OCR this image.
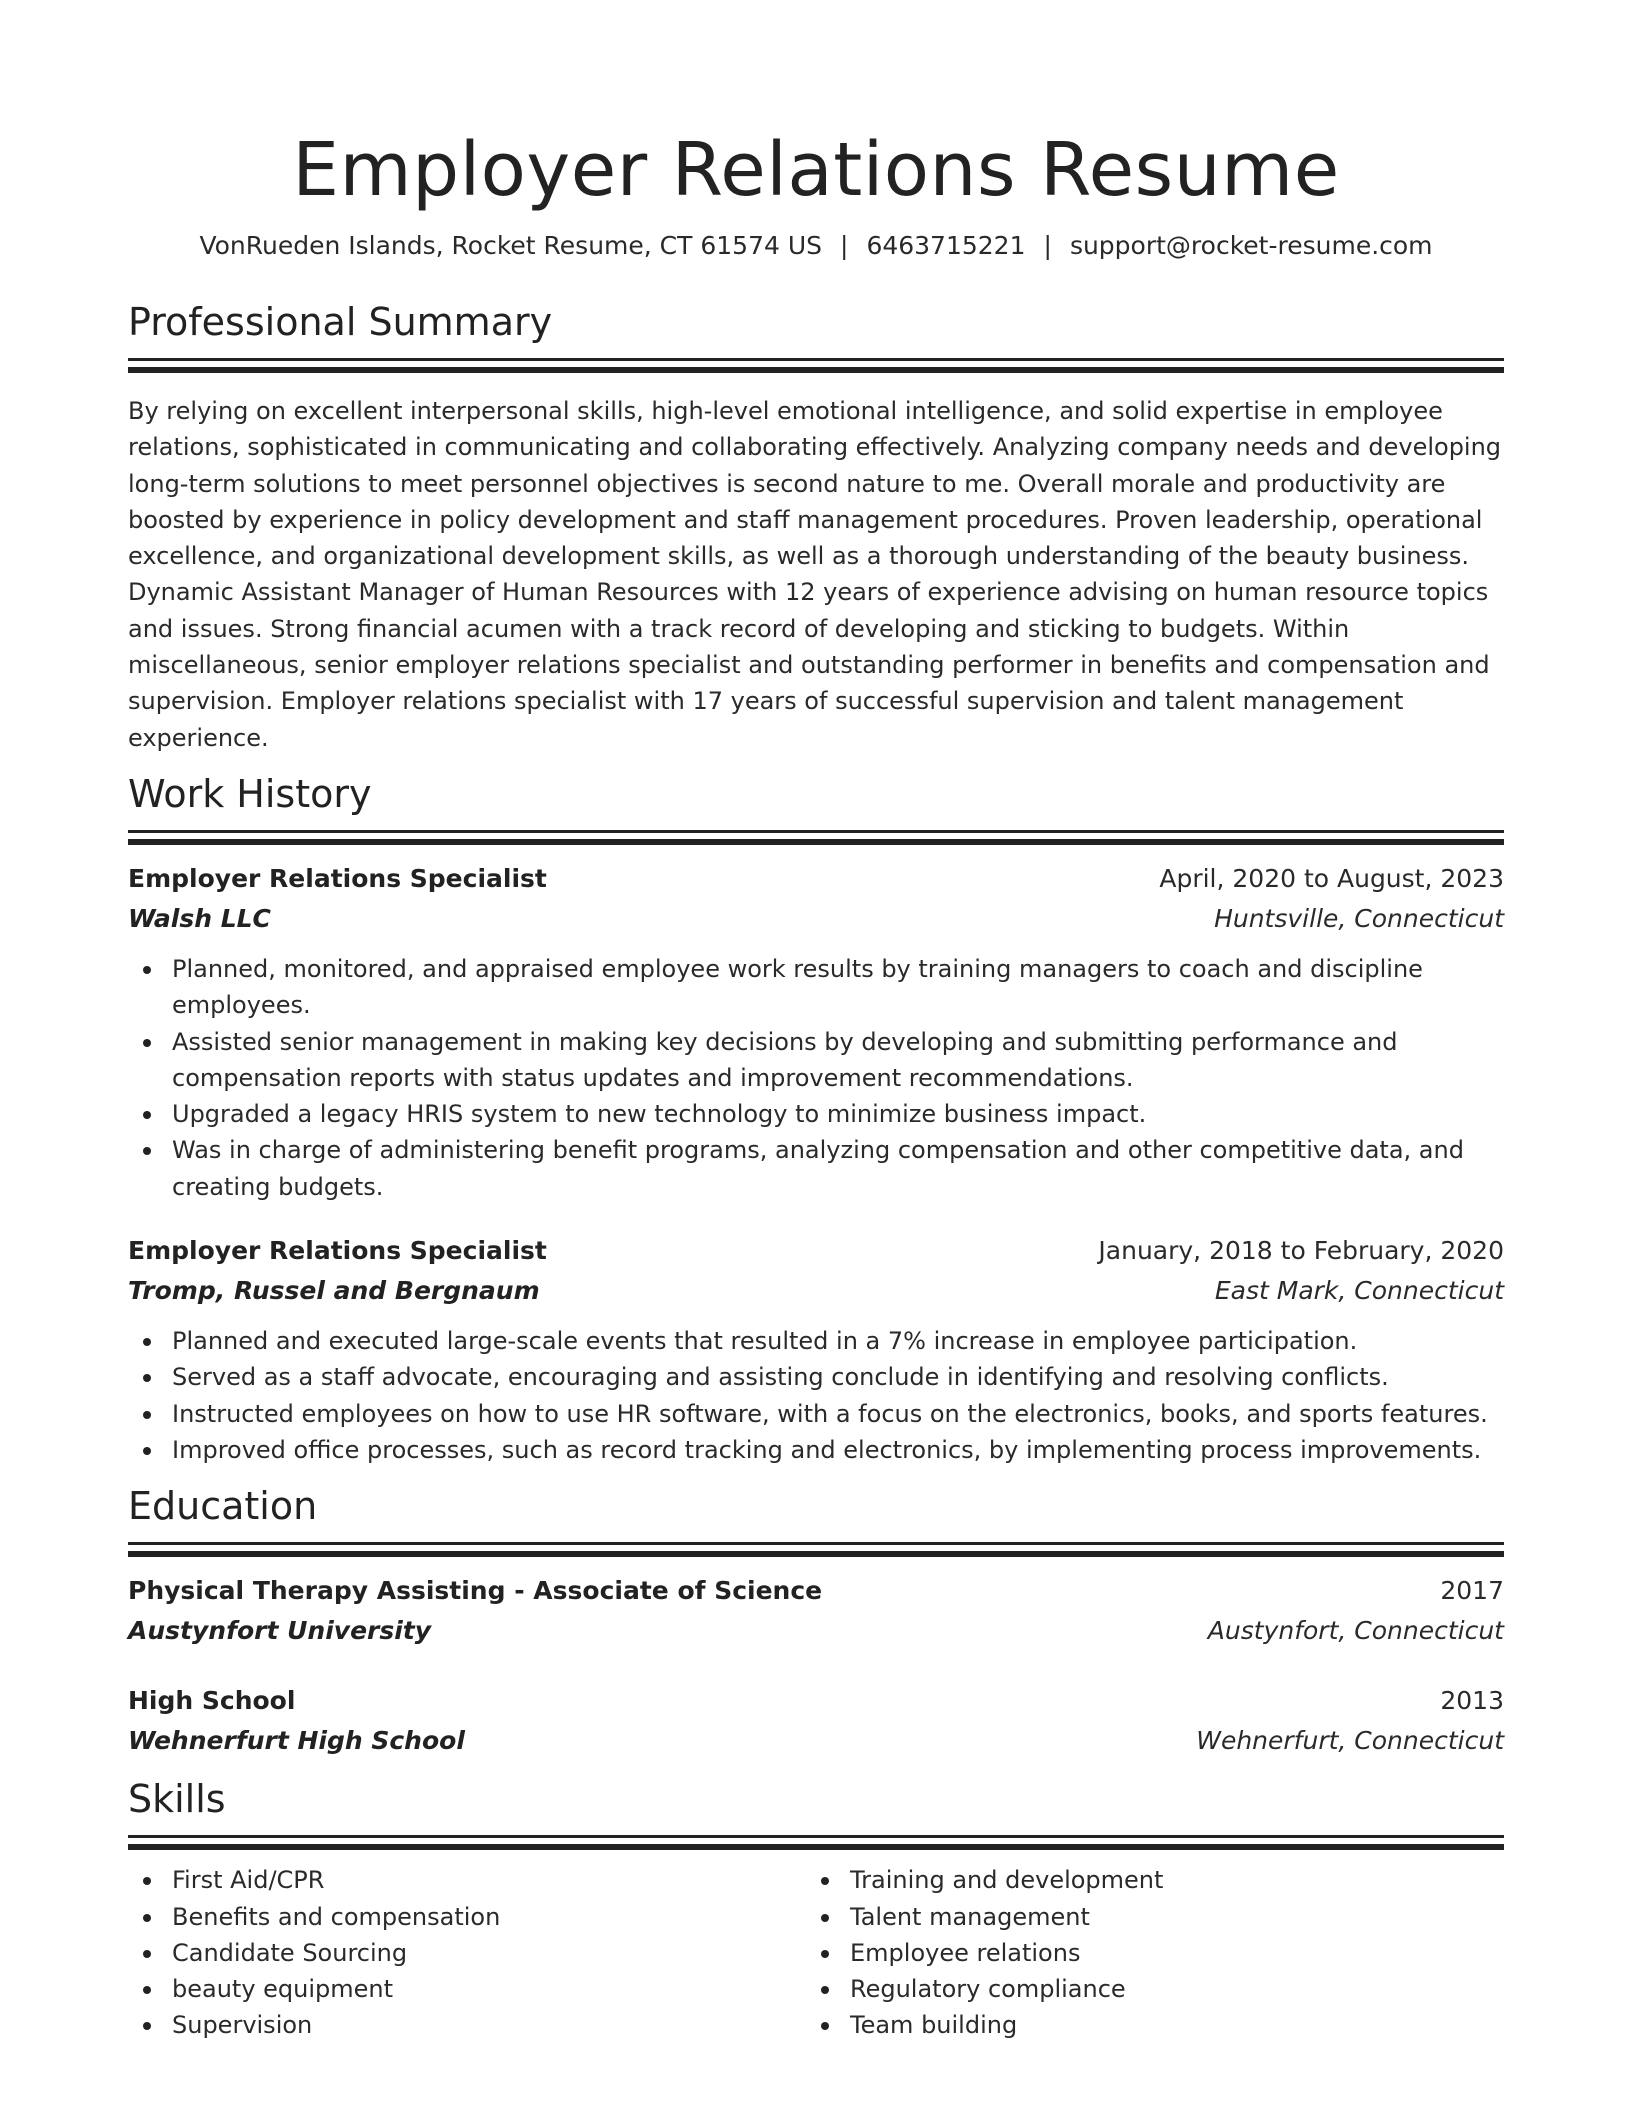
Employer Relations Resume
VonRueden Islands, Rocket Resume, CT 61574 US | 6463715221 | support@rocket-resume.com
Professional Summary
By relying on excellent interpersonal skills, high-level emotional intelligence, and solid expertise in employee relations, sophisticated in communicating and collaborating effectively. Analyzing company needs and developing long-term solutions to meet personnel objectives is second nature to me. Overall morale and productivity are boosted by experience in policy development and staff management procedures. Proven leadership, operational excellence, and organizational development skills, as well as a thorough understanding of the beauty business. Dynamic Assistant Manager of Human Resources with 12 years of experience advising on human resource topics and issues. Strong financial acumen with a track record of developing and sticking to budgets. Within miscellaneous, senior employer relations specialist and outstanding performer in benefits and compensation and supervision. Employer relations specialist with 17 years of successful supervision and talent management experience.
Work History
Employer Relations Specialist	April, 2020 to August, 2023
Walsh LLC	Huntsville, Connecticut
Planned, monitored, and appraised employee work results by training managers to coach and discipline employees.
Assisted senior management in making key decisions by developing and submitting performance and compensation reports with status updates and improvement recommendations.
Upgraded a legacy HRIS system to new technology to minimize business impact.
Was in charge of administering benefit programs, analyzing compensation and other competitive data, and creating budgets.
Employer Relations Specialist	January, 2018 to February, 2020
Tromp, Russel and Bergnaum	East Mark, Connecticut
Planned and executed large-scale events that resulted in a 7% increase in employee participation.
Served as a staff advocate, encouraging and assisting conclude in identifying and resolving conflicts.
Instructed employees on how to use HR software, with a focus on the electronics, books, and sports features.
Improved office processes, such as record tracking and electronics, by implementing process improvements.
Education
Physical Therapy Assisting - Associate of Science	2017
Austynfort University	Austynfort, Connecticut
High School	2013
Wehnerfurt High School	Wehnerfurt, Connecticut
Skills
First Aid/CPR
Benefits and compensation
Candidate Sourcing
beauty equipment
Supervision
Training and development
Talent management
Employee relations
Regulatory compliance
Team building
